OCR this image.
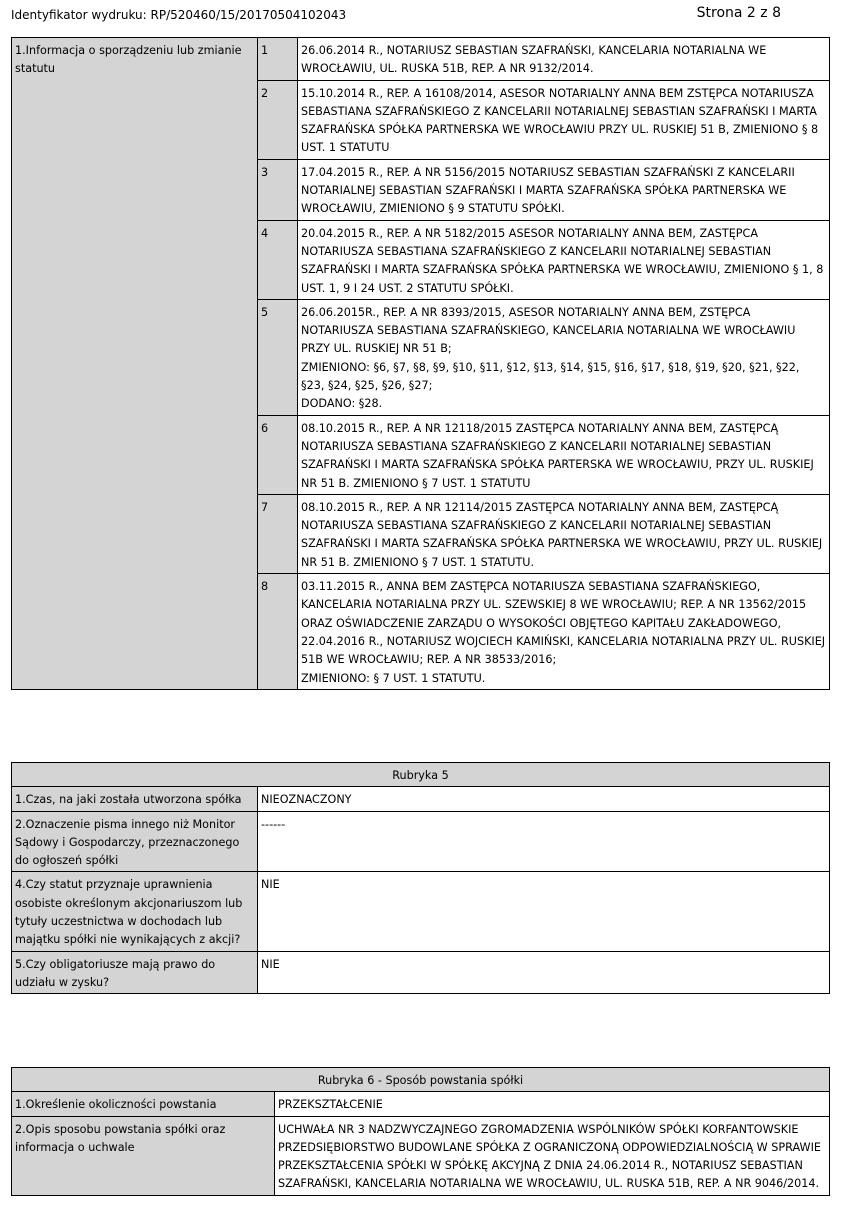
Identyfikator wydruku: RP/520460/15/20170504102043	Strona 2 z 8
1.Informacja o sporządzeniu lub zmianie statutu	1	26.06.2014 R., NOTARIUSZ SEBASTIAN SZAFRAŃSKI, KANCELARIA NOTARIALNA WE WROCŁAWIU, UL. RUSKA 51B, REP. A NR 9132/2014.
	2	15.10.2014 R., REP. A 16108/2014, ASESOR NOTARIALNY ANNA BEM ZSTĘPCA NOTARIUSZA SEBASTIANA SZAFRAŃSKIEGO Z KANCELARII NOTARIALNEJ SEBASTIAN SZAFRAŃSKI I MARTA SZAFRAŃSKA SPÓŁKA PARTNERSKA WE WROCŁAWIU PRZY UL. RUSKIEJ 51 B, ZMIENIONO § 8 UST. 1 STATUTU
	3	17.04.2015 R., REP. A NR 5156/2015 NOTARIUSZ SEBASTIAN SZAFRAŃSKI Z KANCELARII NOTARIALNEJ SEBASTIAN SZAFRAŃSKI I MARTA SZAFRAŃSKA SPÓŁKA PARTNERSKA WE WROCŁAWIU, ZMIENIONO § 9 STATUTU SPÓŁKI.
	4	20.04.2015 R., REP. A NR 5182/2015 ASESOR NOTARIALNY ANNA BEM, ZASTĘPCA NOTARIUSZA SEBASTIANA SZAFRAŃSKIEGO Z KANCELARII NOTARIALNEJ SEBASTIAN SZAFRAŃSKI I MARTA SZAFRAŃSKA SPÓŁKA PARTNERSKA WE WROCŁAWIU, ZMIENIONO § 1, 8 UST. 1, 9 I 24 UST. 2 STATUTU SPÓŁKI.
	5	26.06.2015R., REP. A NR 8393/2015, ASESOR NOTARIALNY ANNA BEM, ZSTĘPCA NOTARIUSZA SEBASTIANA SZAFRAŃSKIEGO, KANCELARIA NOTARIALNA WE WROCŁAWIU PRZY UL. RUSKIEJ NR 51 B;
ZMIENIONO: §6, §7, §8, §9, §10, §11, §12, §13, §14, §15, §16, §17, §18, §19, §20, §21, §22, §23, §24, §25, §26, §27;
DODANO: §28.
	6	08.10.2015 R., REP. A NR 12118/2015 ZASTĘPCA NOTARIALNY ANNA BEM, ZASTĘPCĄ NOTARIUSZA SEBASTIANA SZAFRAŃSKIEGO Z KANCELARII NOTARIALNEJ SEBASTIAN SZAFRAŃSKI I MARTA SZAFRAŃSKA SPÓŁKA PARTERSKA WE WROCŁAWIU, PRZY UL. RUSKIEJ NR 51 B. ZMIENIONO § 7 UST. 1 STATUTU
	7	08.10.2015 R., REP. A NR 12114/2015 ZASTĘPCA NOTARIALNY ANNA BEM, ZASTĘPCĄ NOTARIUSZA SEBASTIANA SZAFRAŃSKIEGO Z KANCELARII NOTARIALNEJ SEBASTIAN SZAFRAŃSKI I MARTA SZAFRAŃSKA SPÓŁKA PARTNERSKA WE WROCŁAWIU, PRZY UL. RUSKIEJ NR 51 B. ZMIENIONO § 7 UST. 1 STATUTU.
	8	03.11.2015 R., ANNA BEM ZASTĘPCA NOTARIUSZA SEBASTIANA SZAFRAŃSKIEGO, KANCELARIA NOTARIALNA PRZY UL. SZEWSKIEJ 8 WE WROCŁAWIU; REP. A NR 13562/2015 ORAZ OŚWIADCZENIE ZARZĄDU O WYSOKOŚCI OBJĘTEGO KAPITAŁU ZAKŁADOWEGO, 22.04.2016 R., NOTARIUSZ WOJCIECH KAMIŃSKI, KANCELARIA NOTARIALNA PRZY UL. RUSKIEJ 51B WE WROCŁAWIU; REP. A NR 38533/2016;
ZMIENIONO: § 7 UST. 1 STATUTU.
Rubryka 5	
1.Czas, na jaki została utworzona spółka	NIEOZNACZONY
2.Oznaczenie pisma innego niż Monitor Sądowy i Gospodarczy, przeznaczonego do ogłoszeń spółki	------
4.Czy statut przyznaje uprawnienia osobiste określonym akcjonariuszom lub tytuły uczestnictwa w dochodach lub majątku spółki nie wynikających z akcji?	NIE
5.Czy obligatoriusze mają prawo do udziału w zysku?	NIE
Rubryka 6 - Sposób powstania spółki	
1.Określenie okoliczności powstania	PRZEKSZTAŁCENIE
2.Opis sposobu powstania spółki oraz informacja o uchwale	UCHWAŁA NR 3 NADZWYCZAJNEGO ZGROMADZENIA WSPÓLNIKÓW SPÓŁKI KORFANTOWSKIE PRZEDSIĘBIORSTWO BUDOWLANE SPÓŁKA Z OGRANICZONĄ ODPOWIEDZIALNOŚCIĄ W SPRAWIE PRZEKSZTAŁCENIA SPÓŁKI W SPÓŁKĘ AKCYJNĄ Z DNIA 24.06.2014 R., NOTARIUSZ SEBASTIAN SZAFRAŃSKI, KANCELARIA NOTARIALNA WE WROCŁAWIU, UL. RUSKA 51B, REP. A NR 9046/2014.
